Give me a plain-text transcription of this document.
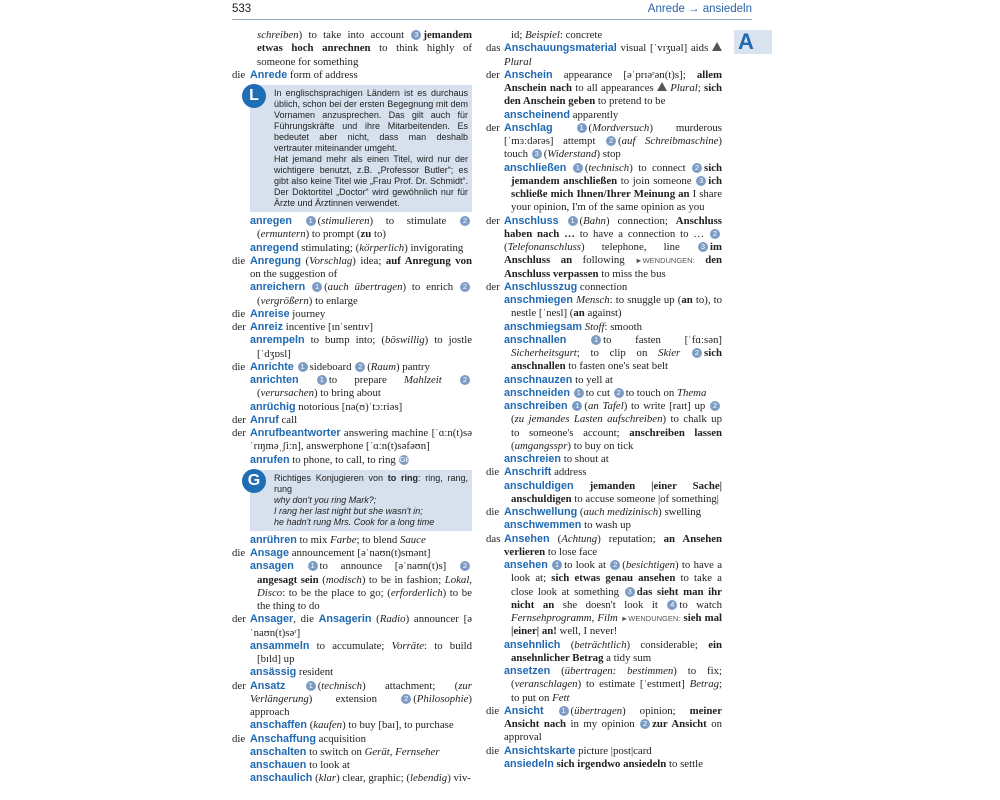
533	Anrede → ansiedeln
A

schreiben) to take into account 3 jemandem etwas hoch anrechnen to think highly of someone for something

die Anrede form of address

L	In englischsprachigen Ländern ist es durchaus üblich, schon bei der ersten Begegnung mit dem Vornamen anzusprechen. Das gilt auch für Führungskräfte und ihre Mitarbeitenden. Es bedeutet aber nicht, dass man deshalb vertrauter miteinander umgeht.
Hat jemand mehr als einen Titel, wird nur der wichtigere benutzt, z.B. „Professor Butler“; es gibt also keine Titel wie „Frau Prof. Dr. Schmidt“. Der Doktortitel „Doctor“ wird gewöhnlich nur für Ärzte und Ärztinnen verwendet.

anregen 1 (stimulieren) to stimulate 2(ermuntern) to prompt (zu to)

anregend stimulating; (körperlich) invigorating

die Anregung (Vorschlag) idea; auf Anregung von on the suggestion of

anreichern 1 (auch übertragen) to enrich 2(vergrößern) to enlarge

die Anreise journey

der Anreiz incentive [ɪnˈsentɪv]

anrempeln to bump into; (böswillig) to jostle [ˈdʒɒsl]

die Anrichte 1 sideboard 2 (Raum) pantry

anrichten	1 to prepare Mahlzeit	2(verursachen) to bring about

anrüchig notorious [nə(ʊ)ˈtɔːriəs]

der Anruf call

der Anrufbeantworter answering machine [ˈɑːn(t)səˈrɪŋməˌʃiːn], answerphone [ˈɑːn(t)səfəʊn]

anrufen to phone, to call, to ring GB

G	Richtiges Konjugieren von to ring: ring, rang, rung
why don't you ring Mark?;
I rang her last night but she wasn't in;
he hadn't rung Mrs. Cook for a long time

anrühren to mix Farbe; to blend Sauce

die Ansage announcement [əˈnaʊn(t)smənt]

ansagen 1 to announce [əˈnaʊn(t)s] 2angesagt sein (modisch) to be in fashion; Lokal, Disco: to be the place to go; (erforderlich) to be the thing to do

der Ansager, die Ansagerin (Radio) announcer [əˈnaʊn(t)səʳ]

ansammeln to accumulate; Vorräte: to build [bɪld] up

ansässig resident

der Ansatz	1 (technisch) attachment; (zur Verlängerung) extension 2 (Philosophie) approach

anschaffen (kaufen) to buy [baɪ], to purchase

die Anschaffung acquisition

anschalten to switch on Gerät, Fernseher

anschauen to look at

anschaulich (klar) clear, graphic; (lebendig) viv-

id; Beispiel: concrete

das Anschauungsmaterial visual [ˈvɪʒuəl] aids  Plural

der Anschein appearance [əˈprɪəʳən(t)s]; allem Anschein nach to all appearances  Plural; sich den Anschein geben to pretend to be

anscheinend apparently

der Anschlag	1 (Mordversuch) murderous [ˈmɜːdərəs] attempt 2 (auf Schreibmaschine) touch 3 (Widerstand) stop

anschließen 1 (technisch) to connect 2 sich jemandem anschließen to join someone 3 ich schließe mich Ihnen/Ihrer Meinung an I share your opinion, I'm of the same opinion as you

der Anschluss 1 (Bahn) connection; Anschluss haben nach … to have a connection to … 2(Telefonanschluss) telephone, line 3 im Anschluss an following ►WENDUNGEN: den Anschluss verpassen to miss the bus

der Anschlusszug connection

anschmiegen Mensch: to snuggle up (an to), to nestle [ˈnesl] (an against)

anschmiegsam Stoff: smooth

anschnallen	1 to fasten [ˈfɑːsən] Sicherheitsgurt; to clip on Skier 2 sich anschnallen to fasten one's seat belt

anschnauzen to yell at

anschneiden 1 to cut 2 to touch on Thema

anschreiben 1 (an Tafel) to write [raɪt] up 2(zu jemandes Lasten aufschreiben) to chalk up to someone's account; anschreiben lassen (umgangsspr) to buy on tick

anschreien to shout at

die Anschrift address

anschuldigen jemanden |einer Sache| anschuldigen to accuse someone |of something|

die Anschwellung (auch medizinisch) swelling

anschwemmen to wash up

das Ansehen (Achtung) reputation; an Ansehen verlieren to lose face

ansehen 1 to look at 2 (besichtigen) to have a look at; sich etwas genau ansehen to take a close look at something 3 das sieht man ihr nicht an she doesn't look it 4 to watch Fernsehprogramm, Film ►WENDUNGEN: sieh mal |einer| an! well, I never!

ansehnlich (beträchtlich) considerable; ein ansehnlicher Betrag a tidy sum

ansetzen (übertragen: bestimmen) to fix; (veranschlagen) to estimate [ˈestɪmeɪt] Betrag; to put on Fett

die Ansicht 1 (übertragen) opinion; meiner Ansicht nach in my opinion 2 zur Ansicht on approval

die Ansichtskarte picture |post|card

ansiedeln sich irgendwo ansiedeln to settle
